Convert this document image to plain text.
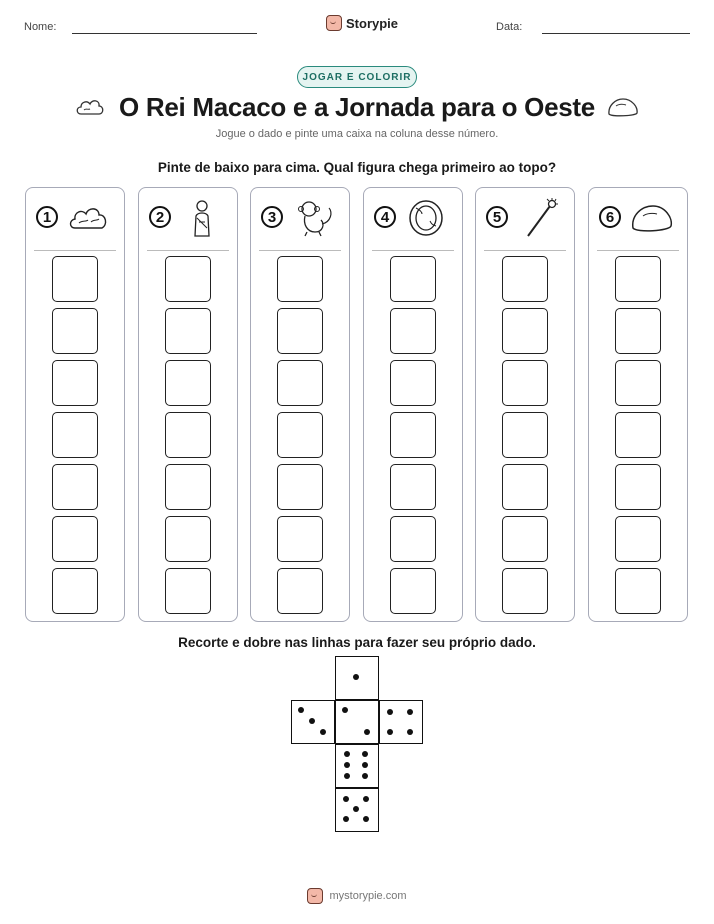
Nome:	Storypie	Data:
JOGAR E COLORIR
O Rei Macaco e a Jornada para o Oeste
Jogue o dado e pinte uma caixa na coluna desse número.
Pinte de baixo para cima. Qual figura chega primeiro ao topo?
1	2	3	4	5	6
Recorte e dobre nas linhas para fazer seu próprio dado.
mystorypie.com
